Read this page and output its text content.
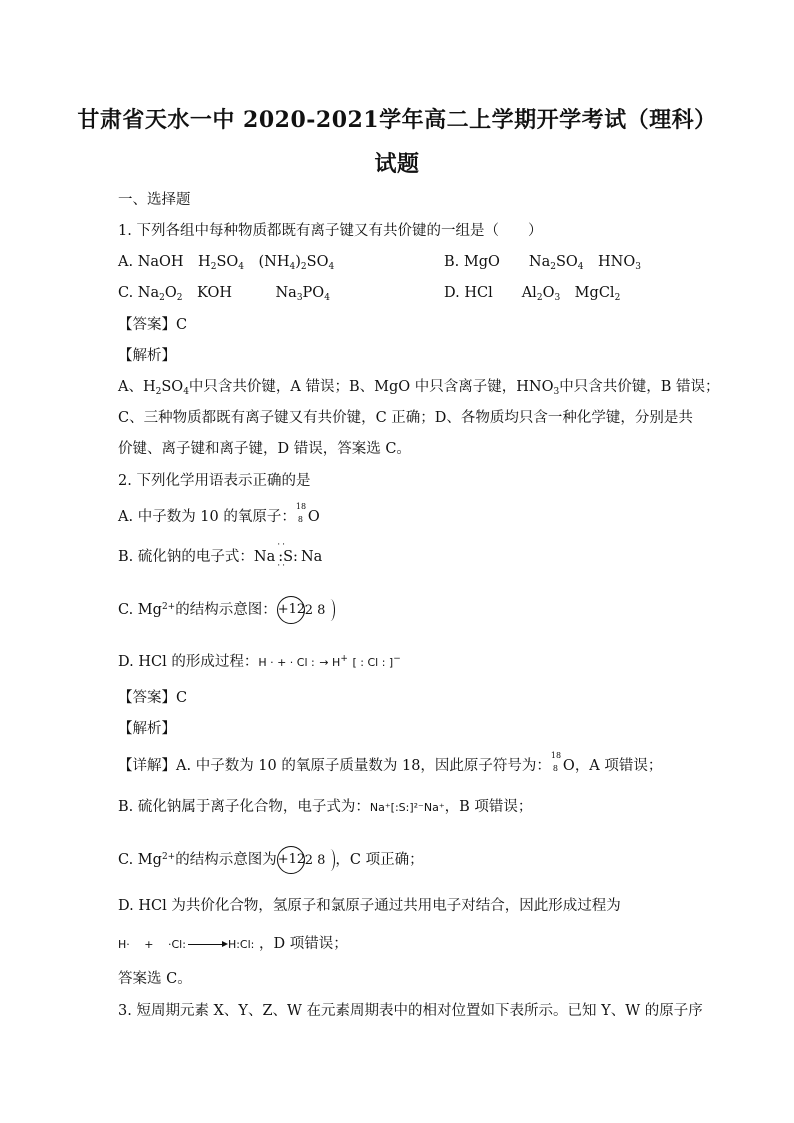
甘肃省天水一中 2020-2021学年高二上学期开学考试（理科）
试题
一、选择题
1. 下列各组中每种物质都既有离子键又有共价键的一组是（　　）
A. NaOH　$H_2SO_4$　$(NH_4)_2SO_4$	B. MgO　　$Na_2SO_4$　$HNO_3$
C. $Na_2O_2$　KOH　　　$Na_3PO_4$	D. HCl　　$Al_2O_3$　MgCl$_2$
【答案】C
【解析】
A、$H_2SO_4$中只含共价键，A 错误；B、MgO 中只含离子键，$HNO_3$中只含共价键，B 错误；
C、三种物质都既有离子键又有共价键，C 正确；D、各物质均只含一种化学键，分别是共
价键、离子键和离子键，D 错误，答案选 C。
2. 下列化学用语表示正确的是
A. 中子数为 10 的氧原子：
18
8 O
B. 硫化钠的电子式：Na
··
:S:
··
Na
C. $Mg^{2+}$的结构示意图：+122 8
D. HCl 的形成过程：H · + · Cl : → H+ [ : Cl : ]−
【答案】C
【解析】
【详解】A. 中子数为 10 的氧原子质量数为 18，因此原子符号为：
18
8 O，A 项错误；
B. 硫化钠属于离子化合物，电子式为：Na⁺[:S:]²⁻Na⁺，B 项错误；
C. $Mg^{2+}$的结构示意图为+122 8 ，C 项正确；
D. HCl 为共价化合物，氢原子和氯原子通过共用电子对结合，因此形成过程为
H·　 +　 ·Cl: → H:Cl: ，D 项错误；
答案选 C。
3. 短周期元素 X、Y、Z、W 在元素周期表中的相对位置如下表所示。已知 Y、W 的原子序
